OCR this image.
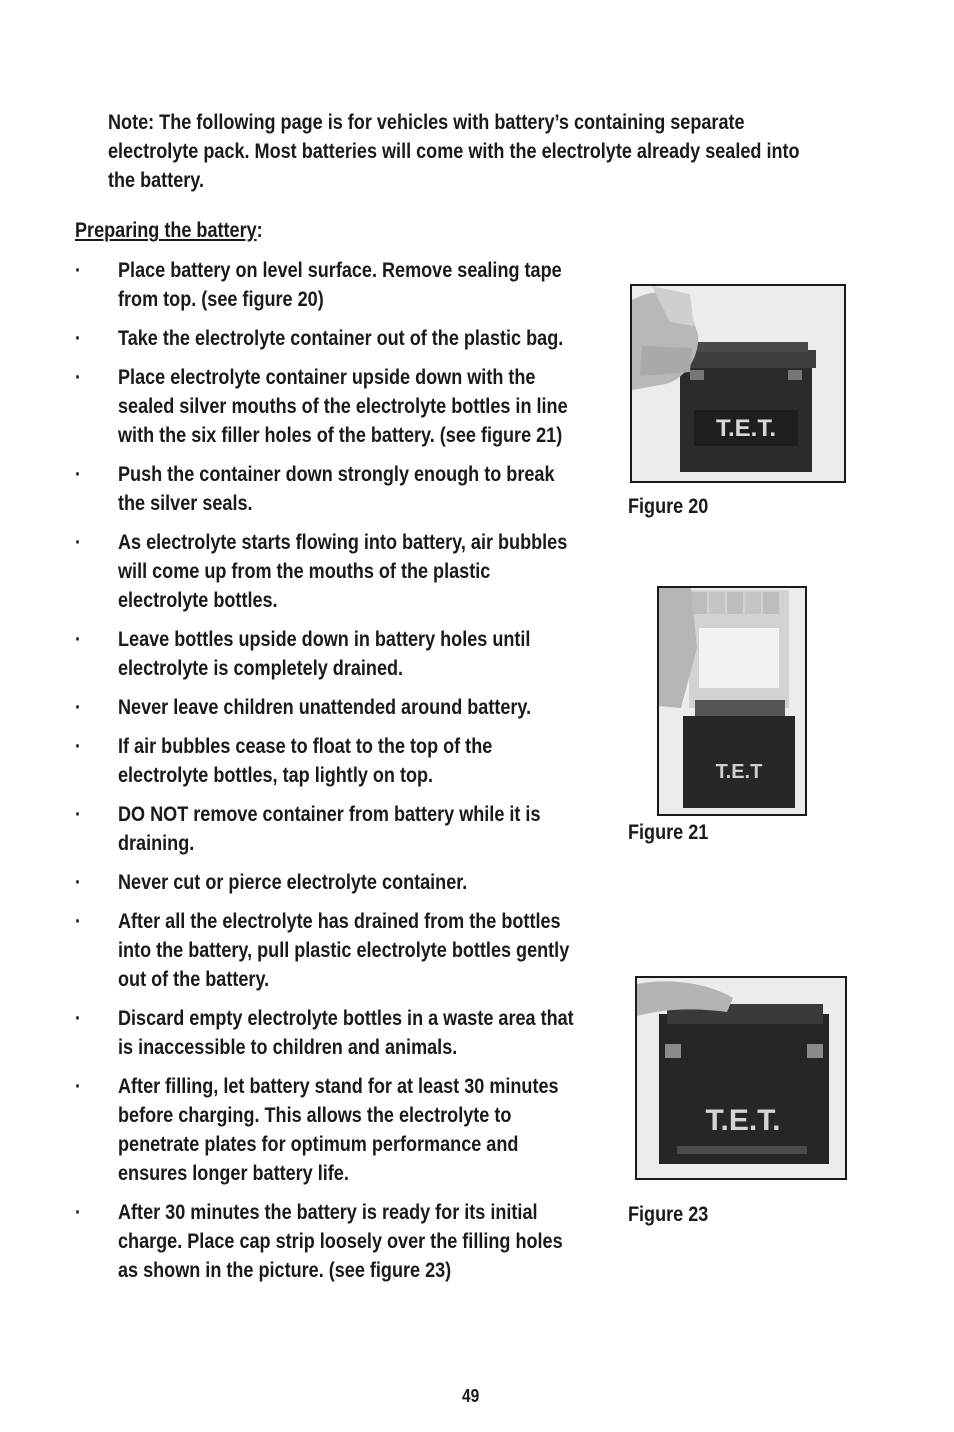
Note: The following page is for vehicles with battery’s containing separate electrolyte pack. Most batteries will come with the electrolyte already sealed into the battery.
Preparing the battery:
·	Place battery on level surface. Remove sealing tape from top. (see figure 20)
·	Take the electrolyte container out of the plastic bag.
·	Place electrolyte container upside down with the sealed silver mouths of the electrolyte bottles in line with the six filler holes of the battery. (see figure 21)
·	Push the container down strongly enough to break the silver seals.
·	As electrolyte starts flowing into battery, air bubbles will come up from the mouths of the plastic electrolyte bottles.
·	Leave bottles upside down in battery holes until electrolyte is completely drained.
·	Never leave children unattended around battery.
·	If air bubbles cease to float to the top of the electrolyte bottles, tap lightly on top.
·	DO NOT remove container from battery while it is draining.
·	Never cut or pierce electrolyte container.
·	After all the electrolyte has drained from the bottles into the battery, pull plastic electrolyte bottles gently out of the battery.
·	Discard empty electrolyte bottles in a waste area that is inaccessible to children and animals.
·	After filling, let battery stand for at least 30 minutes before charging. This allows the electrolyte to penetrate plates for optimum performance and ensures longer battery life.
·	After 30 minutes the battery is ready for its initial charge. Place cap strip loosely over the filling holes as shown in the picture. (see figure 23)
T.E.T.
Figure 20
T.E.T
Figure 21
T.E.T.
Figure 23
49
